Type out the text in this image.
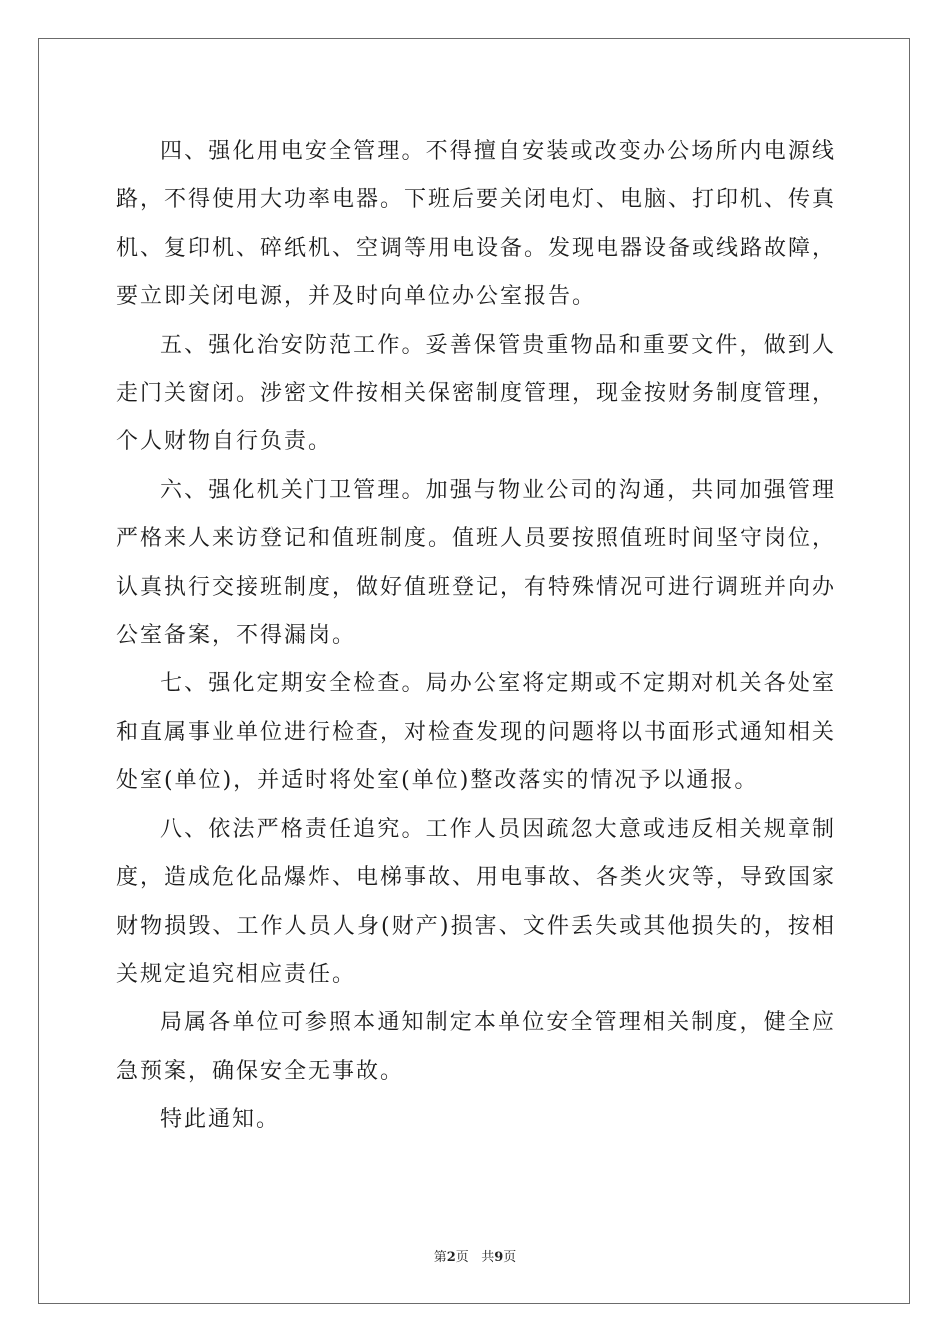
四、强化用电安全管理。不得擅自安装或改变办公场所内电源线路，不得使用大功率电器。下班后要关闭电灯、电脑、打印机、传真机、复印机、碎纸机、空调等用电设备。发现电器设备或线路故障，要立即关闭电源，并及时向单位办公室报告。

五、强化治安防范工作。妥善保管贵重物品和重要文件，做到人走门关窗闭。涉密文件按相关保密制度管理，现金按财务制度管理，个人财物自行负责。

六、强化机关门卫管理。加强与物业公司的沟通，共同加强管理严格来人来访登记和值班制度。值班人员要按照值班时间坚守岗位，认真执行交接班制度，做好值班登记，有特殊情况可进行调班并向办公室备案，不得漏岗。

七、强化定期安全检查。局办公室将定期或不定期对机关各处室和直属事业单位进行检查，对检查发现的问题将以书面形式通知相关处室(单位)，并适时将处室(单位)整改落实的情况予以通报。

八、依法严格责任追究。工作人员因疏忽大意或违反相关规章制度，造成危化品爆炸、电梯事故、用电事故、各类火灾等，导致国家财物损毁、工作人员人身(财产)损害、文件丢失或其他损失的，按相关规定追究相应责任。

局属各单位可参照本通知制定本单位安全管理相关制度，健全应急预案，确保安全无事故。

特此通知。

第2页 共9页
